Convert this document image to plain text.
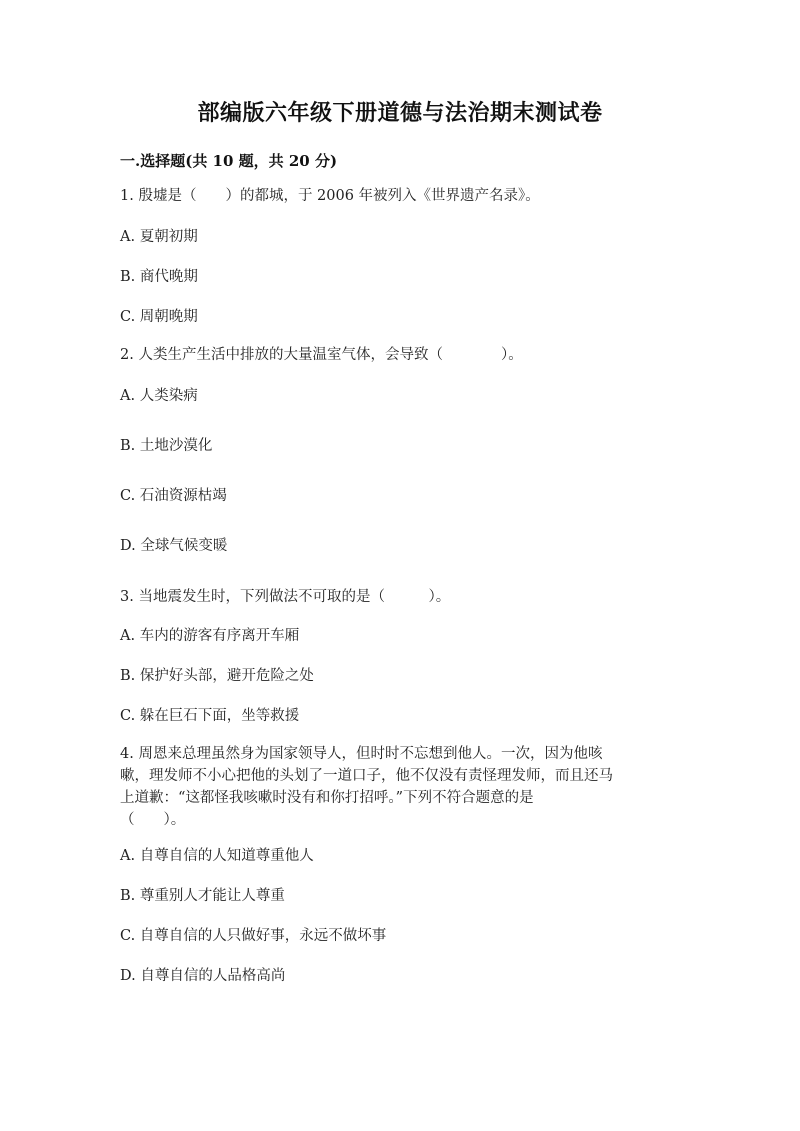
部编版六年级下册道德与法治期末测试卷
一.选择题(共 10 题，共 20 分)

1. 殷墟是（　　）的都城，于 2006 年被列入《世界遗产名录》。

A. 夏朝初期

B. 商代晚期

C. 周朝晚期

2. 人类生产生活中排放的大量温室气体，会导致（　　　　）。

A. 人类染病

B. 土地沙漠化

C. 石油资源枯竭

D. 全球气候变暖

3. 当地震发生时，下列做法不可取的是（　　　）。

A. 车内的游客有序离开车厢

B. 保护好头部，避开危险之处

C. 躲在巨石下面，坐等救援

4. 周恩来总理虽然身为国家领导人，但时时不忘想到他人。一次，因为他咳
嗽，理发师不小心把他的头划了一道口子，他不仅没有责怪理发师，而且还马
上道歉：“这都怪我咳嗽时没有和你打招呼。”下列不符合题意的是
（　　）。

A. 自尊自信的人知道尊重他人

B. 尊重别人才能让人尊重

C. 自尊自信的人只做好事，永远不做坏事

D. 自尊自信的人品格高尚
